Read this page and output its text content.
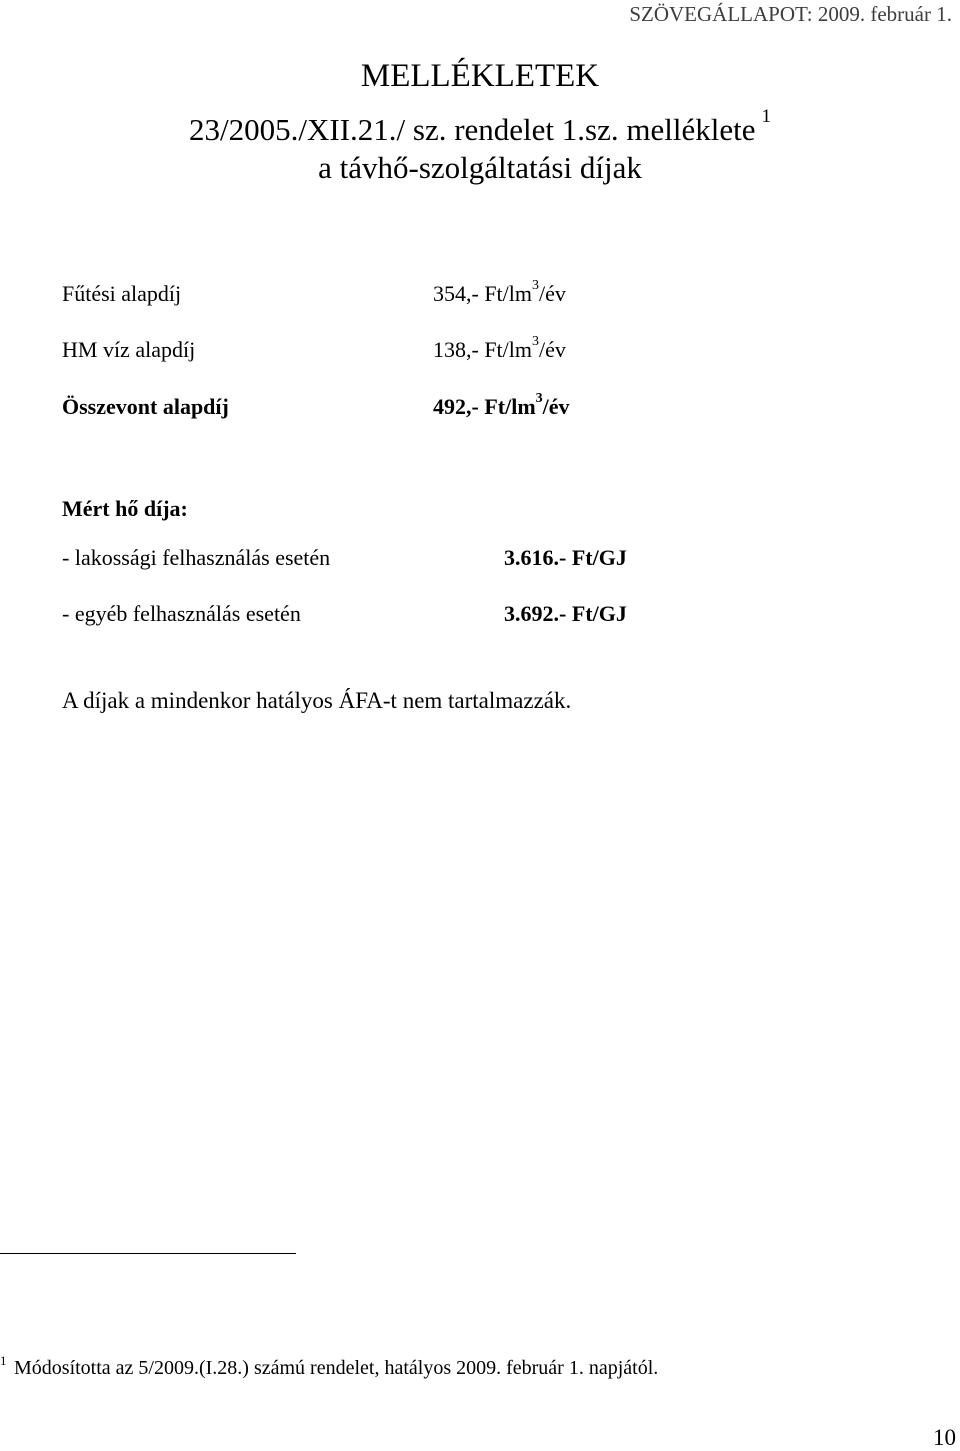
SZÖVEGÁLLAPOT: 2009. február 1.
MELLÉKLETEK
23/2005./XII.21./ sz. rendelet 1.sz. melléklete $^1$
a távhő-szolgáltatási díjak
Fűtési alapdíj	354,- $Ft/lm^3/év$
HM víz alapdíj	138,- $Ft/lm^3/év$
Összevont alapdíj	492,- $Ft/lm^3/év$
Mért hő díja:
- lakossági felhasználás esetén	3.616.- Ft/GJ
- egyéb felhasználás esetén	3.692.- Ft/GJ
A díjak a mindenkor hatályos ÁFA-t nem tartalmazzák.
1 Módosította az 5/2009.(I.28.) számú rendelet, hatályos 2009. február 1. napjától.
10
